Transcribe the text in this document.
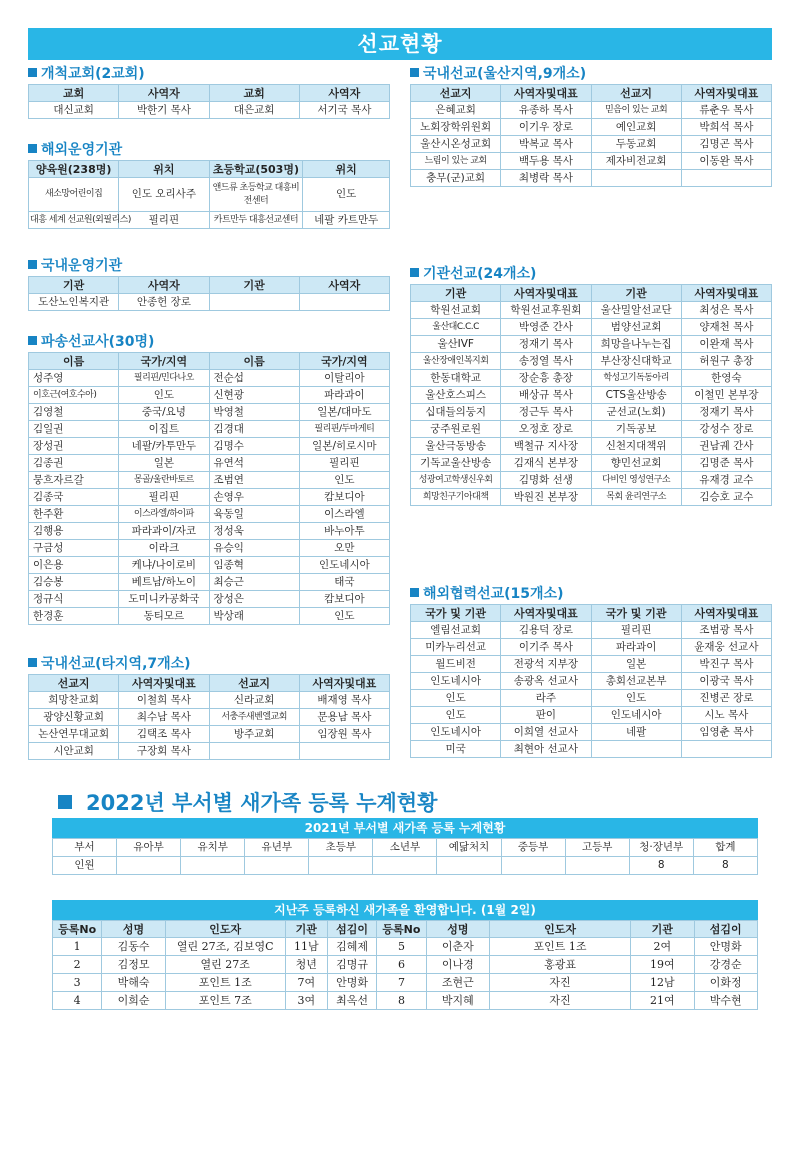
선교현황
개척교회(2교회)
교회	사역자	교회	사역자
대신교회	박한기 목사	대은교회	서기국 목사
해외운영기관
양육원(238명)	위치	초등학교(503명)	위치
새소망어린이집	인도 오리사주	앤드류 초등학교 대흥비전센터	인도
대흥 세계 선교원(외필리스)	필리핀	카트만두 대흥선교센터	네팔 카트만두
국내운영기관
기관	사역자	기관	사역자
도산노인복지관	안종헌 장로		
파송선교사(30명)
이름	국가/지역	이름	국가/지역
성주영	필리핀/민다나오	전순섭	이탈리아
이호근(여호수아)	인도	신현광	파라과이
김영철	중국/요녕	박영철	일본/대마도
김일권	이집트	김경대	필리핀/두마게티
장성권	네팔/카투만두	김명수	일본/히로시마
김종권	일본	유연석	필리핀
뭉흐자르갈	몽골/울란바토르	조범연	인도
김종국	필리핀	손영우	캄보디아
한주환	이스라엘/하이파	육동일	이스라엘
김행용	파라과이/자코	정성욱	바누아투
구금성	이라크	유승익	오만
이은용	케냐/나이로비	임종혁	인도네시아
김승봉	베트남/하노이	최승근	태국
정규식	도미니카공화국	장성은	캄보디아
한경훈	동티모르	박상래	인도
국내선교(타지역,7개소)
선교지	사역자및대표	선교지	사역자및대표
희망찬교회	이철희 목사	신라교회	배재영 목사
광양신황교회	최수남 목사	서충주새벤엘교회	문용남 목사
논산연무대교회	김택조 목사	방주교회	임장원 목사
시안교회	구장회 목사		
국내선교(울산지역,9개소)
선교지	사역자및대표	선교지	사역자및대표
은혜교회	유종하 목사	믿음이 있는 교회	류춘우 목사
노회장학위원회	이기우 장로	예인교회	박희석 목사
울산시온성교회	박복교 목사	두동교회	김명곤 목사
느림이 있는 교회	백두용 목사	제자비전교회	이동완 목사
충무(군)교회	최병락 목사		
기관선교(24개소)
기관	사역자및대표	기관	사역자및대표
학원선교회	학원선교후원회	울산밀알선교단	최성은 목사
울산대C.C.C	박영준 간사	범양선교회	양재천 목사
울산IVF	정재기 목사	희망을나누는집	이완재 목사
울산장애인복지회	송정열 목사	부산장신대학교	허원구 총장
한동대학교	장순흥 총장	학성고기독동아리	한영숙
울산호스피스	배상규 목사	CTS울산방송	이철민 본부장
십대들의둥지	정근두 목사	군선교(노회)	정재기 목사
궁주원로원	오정호 장로	기독공보	강성수 장로
울산극동방송	백철규 지사장	신천지대책위	권남궤 간사
기독교울산방송	김재식 본부장	향민선교회	김명준 목사
성광여고학생신우회	김명화 선생	다비인 영성연구소	유재경 교수
희망친구기아대책	박원진 본부장	목회 윤리연구소	김승호 교수
해외협력선교(15개소)
국가 및 기관	사역자및대표	국가 및 기관	사역자및대표
엘림선교회	김용덕 장로	필리핀	조범광 목사
미카누리선교	이기주 목사	파라과이	윤재웅 선교사
월드비전	전광석 지부장	일본	박진구 목사
인도네시아	송광옥 선교사	총회선교본부	이광국 목사
인도	라주	인도	진병곤 장로
인도	판이	인도네시아	시노 목사
인도네시아	이희열 선교사	네팔	임영춘 목사
미국	최현아 선교사		
2022년 부서별 새가족 등록 누계현황
2021년 부서별 새가족 등록 누계현황
부서	유아부	유치부	유년부	초등부	소년부	예닮처치	중등부	고등부	청·장년부	합계
인원									8	8
지난주 등록하신 새가족을 환영합니다. (1월 2일)
등록No	성명	인도자	기관	섬김이	등록No	성명	인도자	기관	섬김이
1	김동수	열린 27조, 김보영C	11남	김혜제	5	이춘자	포인트 1조	2여	안명화
2	김정모	열린 27조	청년	김명규	6	이나경	홍광표	19여	강경순
3	박해숙	포인트 1조	7여	안명화	7	조현근	자진	12남	이화정
4	이희순	포인트 7조	3여	최옥선	8	박지혜	자진	21여	박수현
